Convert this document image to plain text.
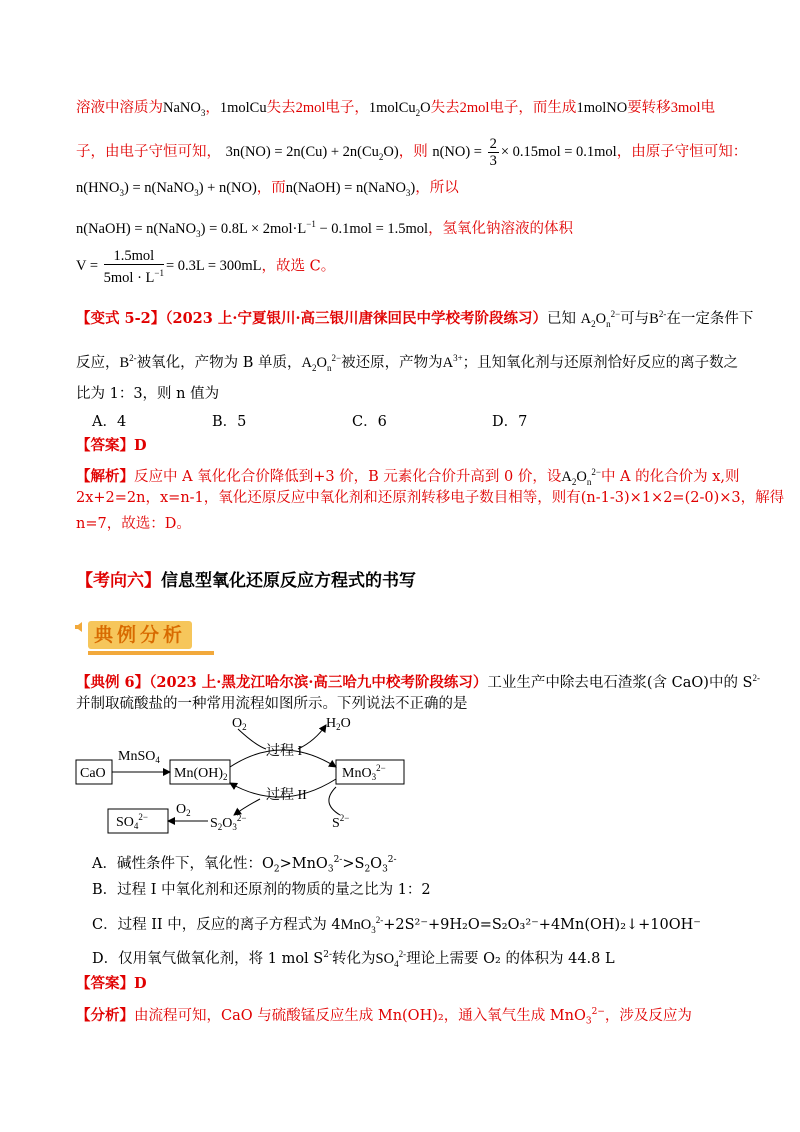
溶液中溶质为NaNO$_3$，1molCu失去2mol电子，1molCu$_2$O失去2mol电子，而生成1molNO要转移3mol电
子，由电子守恒可知， $3n(NO) = 2n(Cu) + 2n(Cu_2O)$，则 $n(NO) = \frac{2}{3} \times 0.15mol = 0.1mol$，由原子守恒可知：
$n(HNO_3)$ = n(NaNO$_3$) + n(NO)，而n(NaOH) = n(NaNO$_3$)，所以
n(NaOH) = n(NaNO$_3$) = $0.8L \times 2mol\cdot L^{-1} - 0.1mol = 1.5mol$，氢氧化钠溶液的体积
$V = \frac{\text{1.5mol}}{5mol \cdot L^{-1}} = 0.3L = 300mL$，故选 C。
【变式 5-2】（2023 上·宁夏银川·高三银川唐徕回民中学校考阶段练习）已知 $A_2O_n^{2-}$可与$B^{2-}$在一定条件下
反应，$B^{2-}$被氧化，产物为 B 单质，$A_2O_n^{2-}$被还原，产物为$A^{3+}$；且知氧化剂与还原剂恰好反应的离子数之
比为 1：3，则 n 值为
A．4	B．5	C．6	D．7
【答案】D
【解析】反应中 A 氧化化合价降低到+3 价，B 元素化合价升高到 0 价，设$A_2O_n^{2-}$中 A 的化合价为 x,则
2x+2=2n，x=n-1，氧化还原反应中氧化剂和还原剂转移电子数目相等，则有(n-1-3)×1×2=(2-0)×3，解得
n=7，故选：D。
【考向六】信息型氧化还原反应方程式的书写
典例分析
【典例 6】（2023 上·黑龙江哈尔滨·高三哈九中校考阶段练习）工业生产中除去电石渣浆(含 CaO)中的 $S^{2-}$
并制取硫酸盐的一种常用流程如图所示。下列说法不正确的是
CaO	$Mn(OH)_2$	MnO$_3^{2-}$
$SO_4^{2-}$
MnSO$_4$
$O_2$	$H_2O$
过程 I
过程 II
$S^{2-}$
$S_2O_3^{2-}$
$O_2$
A．碱性条件下，氧化性：$O_2>MnO_3^{2-}>S_2O_3^{2-}$
B．过程 I 中氧化剂和还原剂的物质的量之比为 1：2
C．过程 II 中，反应的离子方程式为 4MnO$_3^{2-}$+2S²⁻+9H₂O=S₂O₃²⁻+4Mn(OH)₂↓+10OH⁻
D．仅用氧气做氧化剂，将 1 mol $S^{2-}$转化为$SO_4^{2-}$理论上需要 O₂ 的体积为 44.8 L
【答案】D
【分析】由流程可知，CaO 与硫酸锰反应生成 Mn(OH)₂，通入氧气生成 MnO$_3^{2-}$，涉及反应为
